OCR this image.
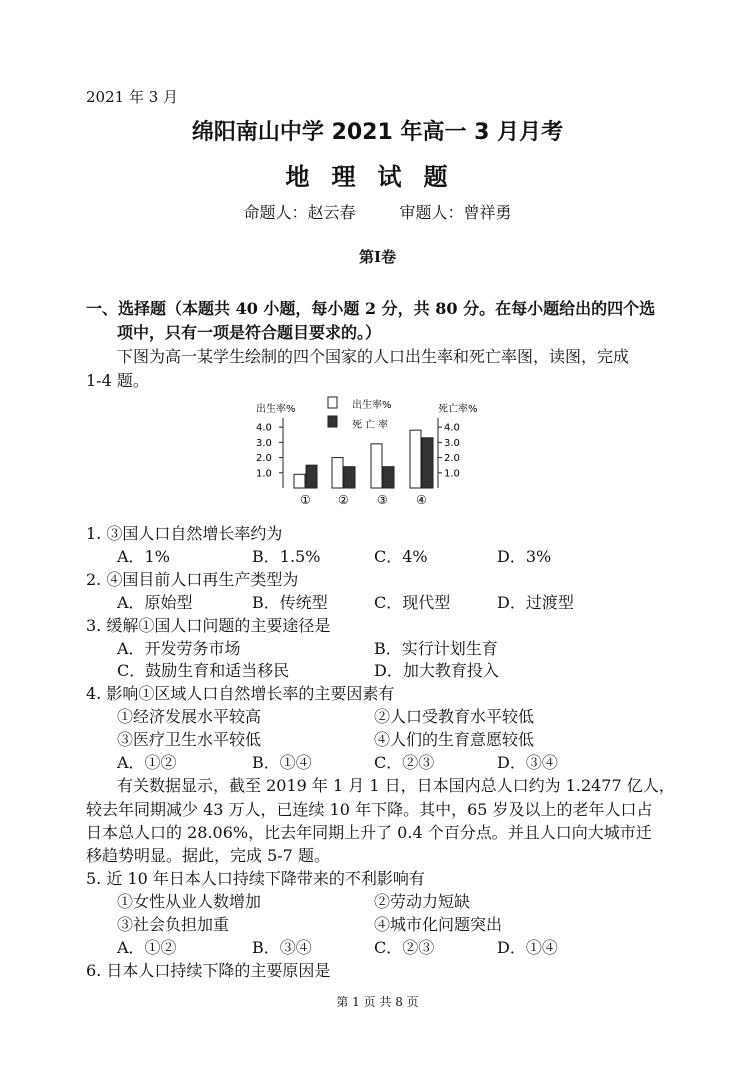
2021 年 3 月
绵阳南山中学 2021 年高一 3 月月考
地理试题
命题人：赵云春	审题人：曾祥勇
第Ⅰ卷
一、选择题（本题共 40 小题，每小题 2 分，共 80 分。在每小题给出的四个选
项中，只有一项是符合题目要求的。）
下图为高一某学生绘制的四个国家的人口出生率和死亡率图，读图，完成
1-4 题。
出生率%	死亡率%
出生率%
死亡率
1.0	1.0
2.0	2.0
3.0	3.0
4.0	4.0
① ② ③ ④
1. ③国人口自然增长率约为
A．1%	B．1.5%	C．4%	D．3%
2. ④国目前人口再生产类型为
A．原始型	B．传统型	C．现代型	D．过渡型
3. 缓解①国人口问题的主要途径是
A．开发劳务市场	B．实行计划生育
C．鼓励生育和适当移民	D．加大教育投入
4. 影响①区域人口自然增长率的主要因素有
①经济发展水平较高	②人口受教育水平较低
③医疗卫生水平较低	④人们的生育意愿较低
A．①②	B．①④	C．②③	D．③④
有关数据显示，截至 2019 年 1 月 1 日，日本国内总人口约为 1.2477 亿人，
较去年同期减少 43 万人，已连续 10 年下降。其中，65 岁及以上的老年人口占
日本总人口的 28.06%，比去年同期上升了 0.4 个百分点。并且人口向大城市迁
移趋势明显。据此，完成 5-7 题。
5. 近 10 年日本人口持续下降带来的不利影响有
①女性从业人数增加	②劳动力短缺
③社会负担加重	④城市化问题突出
A．①②	B．③④	C．②③	D．①④
6. 日本人口持续下降的主要原因是
第 1 页 共 8 页
